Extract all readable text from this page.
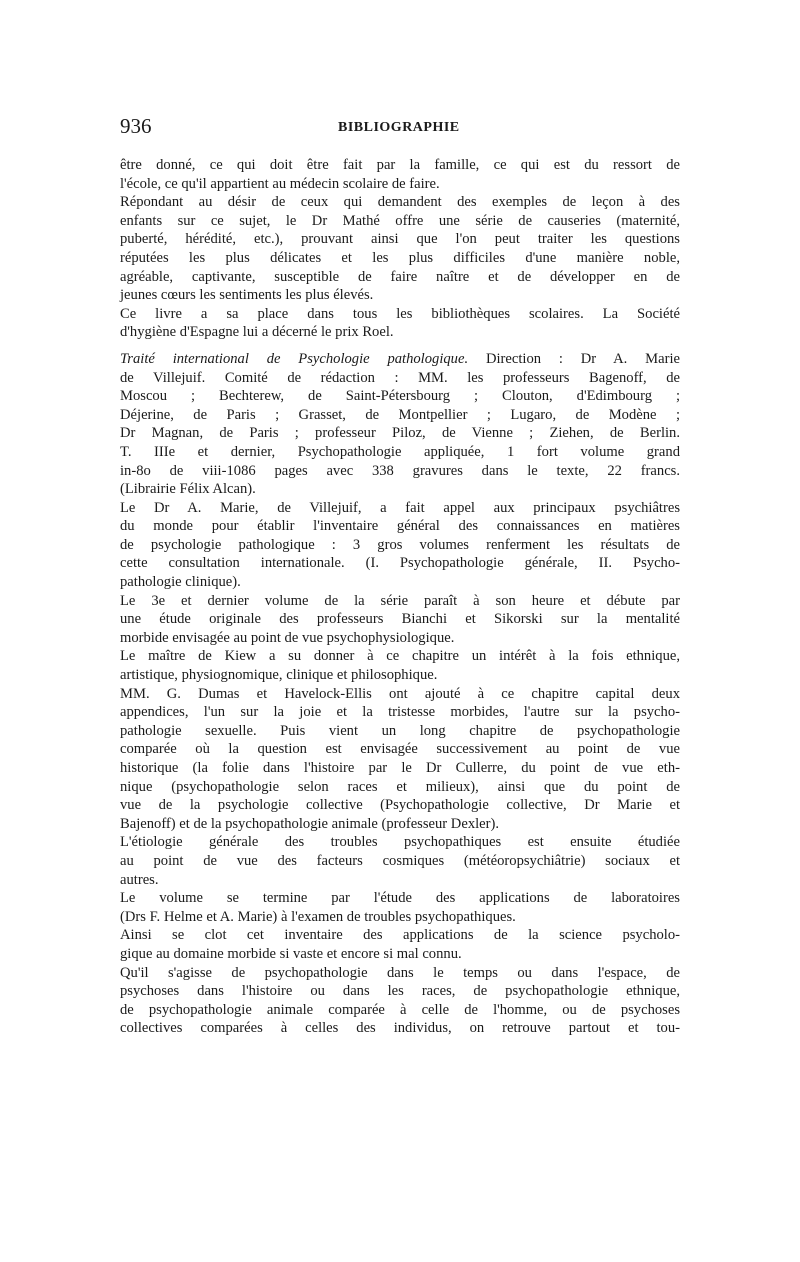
936	BIBLIOGRAPHIE
être donné, ce qui doit être fait par la famille, ce qui est du ressort de
l'école, ce qu'il appartient au médecin scolaire de faire.
Répondant au désir de ceux qui demandent des exemples de leçon à des
enfants sur ce sujet, le Dr Mathé offre une série de causeries (maternité,
puberté, hérédité, etc.), prouvant ainsi que l'on peut traiter les questions
réputées les plus délicates et les plus difficiles d'une manière noble,
agréable, captivante, susceptible de faire naître et de développer en de
jeunes cœurs les sentiments les plus élevés.
Ce livre a sa place dans tous les bibliothèques scolaires. La Société
d'hygiène d'Espagne lui a décerné le prix Roel.
Traité international de Psychologie pathologique. Direction : Dr A. Marie
de Villejuif. Comité de rédaction : MM. les professeurs Bagenoff, de
Moscou ; Bechterew, de Saint-Pétersbourg ; Clouton, d'Edimbourg ;
Déjerine, de Paris ; Grasset, de Montpellier ; Lugaro, de Modène ;
Dr Magnan, de Paris ; professeur Piloz, de Vienne ; Ziehen, de Berlin.
T. IIIe et dernier, Psychopathologie appliquée, 1 fort volume grand
in-8o de viii-1086 pages avec 338 gravures dans le texte, 22 francs.
(Librairie Félix Alcan).
Le Dr A. Marie, de Villejuif, a fait appel aux principaux psychiâtres
du monde pour établir l'inventaire général des connaissances en matières
de psychologie pathologique : 3 gros volumes renferment les résultats de
cette consultation internationale. (I. Psychopathologie générale, II. Psycho-
pathologie clinique).
Le 3e et dernier volume de la série paraît à son heure et débute par
une étude originale des professeurs Bianchi et Sikorski sur la mentalité
morbide envisagée au point de vue psychophysiologique.
Le maître de Kiew a su donner à ce chapitre un intérêt à la fois ethnique,
artistique, physiognomique, clinique et philosophique.
MM. G. Dumas et Havelock-Ellis ont ajouté à ce chapitre capital deux
appendices, l'un sur la joie et la tristesse morbides, l'autre sur la psycho-
pathologie sexuelle. Puis vient un long chapitre de psychopathologie
comparée où la question est envisagée successivement au point de vue
historique (la folie dans l'histoire par le Dr Cullerre, du point de vue eth-
nique (psychopathologie selon races et milieux), ainsi que du point de
vue de la psychologie collective (Psychopathologie collective, Dr Marie et
Bajenoff) et de la psychopathologie animale (professeur Dexler).
L'étiologie générale des troubles psychopathiques est ensuite étudiée
au point de vue des facteurs cosmiques (météoropsychiâtrie) sociaux et
autres.
Le volume se termine par l'étude des applications de laboratoires
(Drs F. Helme et A. Marie) à l'examen de troubles psychopathiques.
Ainsi se clot cet inventaire des applications de la science psycholo-
gique au domaine morbide si vaste et encore si mal connu.
Qu'il s'agisse de psychopathologie dans le temps ou dans l'espace, de
psychoses dans l'histoire ou dans les races, de psychopathologie ethnique,
de psychopathologie animale comparée à celle de l'homme, ou de psychoses
collectives comparées à celles des individus, on retrouve partout et tou-
